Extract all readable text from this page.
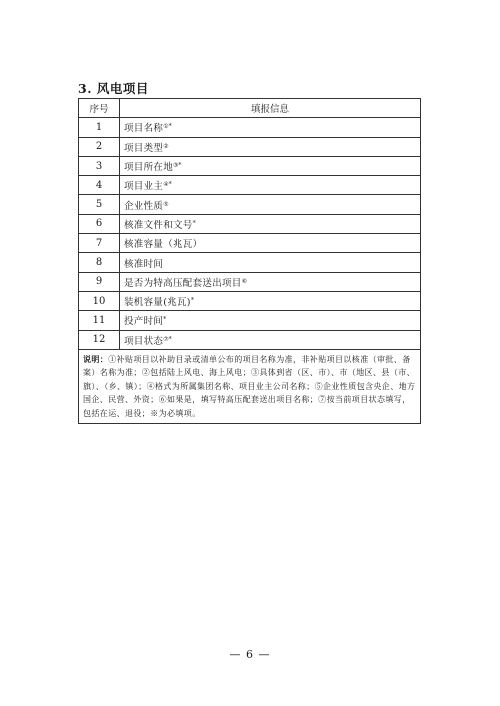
3. 风电项目
序号	填报信息
1	项目名称①*
2	项目类型②
3	项目所在地③*
4	项目业主④*
5	企业性质⑤
6	核准文件和文号*
7	核准容量（兆瓦）
8	核准时间
9	是否为特高压配套送出项目⑥
10	装机容量(兆瓦)*
11	投产时间*
12	项目状态⑦*
说明：①补贴项目以补助目录或清单公布的项目名称为准，非补贴项目以核准（审批、备案）名称为准；②包括陆上风电、海上风电；③具体到省（区、市）、市（地区、县（市、旗）、（乡、镇）；④格式为所属集团名称、项目业主公司名称；⑤企业性质包含央企、地方国企、民营、外资；⑥如果是，填写特高压配套送出项目名称；⑦按当前项目状态填写，包括在运、退役；※为必填项。	
— 6 —
